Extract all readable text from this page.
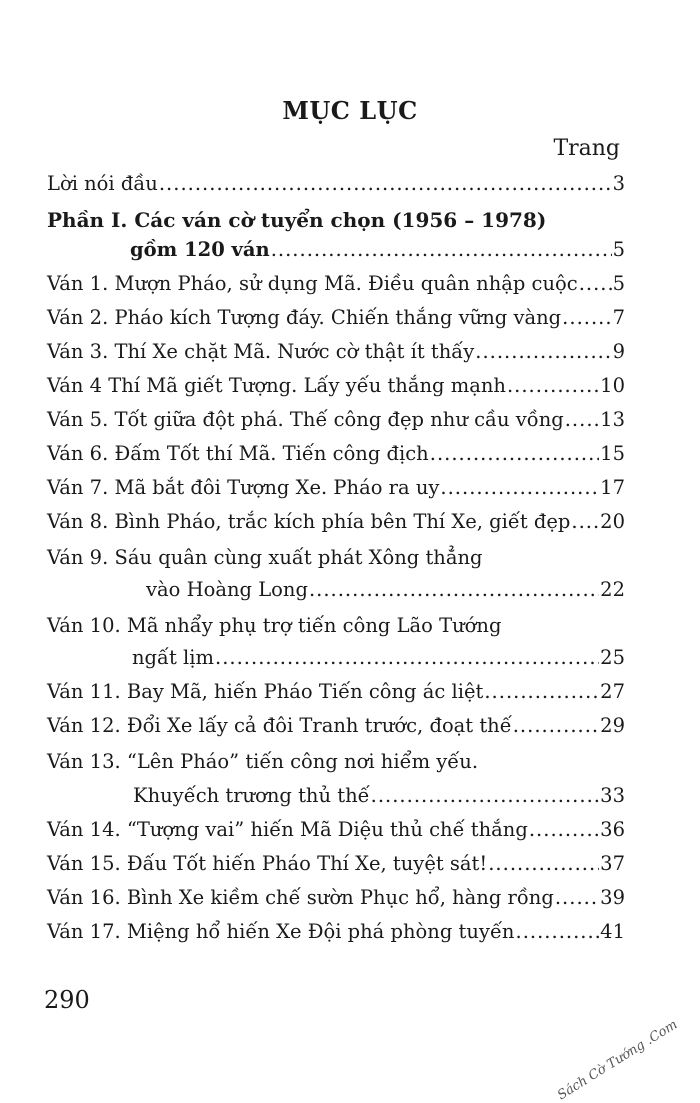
MỤC LỤC
Trang
Lời nói đầu .....	3
Phần I. Các ván cờ tuyển chọn (1956 – 1978)
gồm 120 ván .....	5
Ván 1. Mượn Pháo, sử dụng Mã. Điều quân nhập cuộc ..... 5
Ván 2. Pháo kích Tượng đáy. Chiến thắng vững vàng .....	7
Ván 3. Thí Xe chặt Mã. Nước cờ thật ít thấy .....	9
Ván 4 Thí Mã giết Tượng. Lấy yếu thắng mạnh .....	10
Ván 5. Tốt giữa đột phá. Thế công đẹp như cầu vồng ..... 13
Ván 6. Đấm Tốt thí Mã. Tiến công địch .....	15
Ván 7. Mã bắt đôi Tượng Xe. Pháo ra uy .....	17
Ván 8. Bình Pháo, trắc kích phía bên Thí Xe, giết đẹp ..... 20
Ván 9. Sáu quân cùng xuất phát Xông thẳng
vào Hoàng Long .....	22
Ván 10. Mã nhẩy phụ trợ tiến công Lão Tướng
ngất lịm .....	25
Ván 11. Bay Mã, hiến Pháo Tiến công ác liệt .....	27
Ván 12. Đổi Xe lấy cả đôi Tranh trước, đoạt thế .....	29
Ván 13. “Lên Pháo” tiến công nơi hiểm yếu.
Khuyếch trương thủ thế .....	33
Ván 14. “Tượng vai” hiến Mã Diệu thủ chế thắng .....	36
Ván 15. Đấu Tốt hiến Pháo Thí Xe, tuyệt sát! .....	37
Ván 16. Bình Xe kiềm chế sườn Phục hổ, hàng rồng ..... 39
Ván 17. Miệng hổ hiến Xe Đội phá phòng tuyến .....	41
290
Sách Cờ Tướng .Com
